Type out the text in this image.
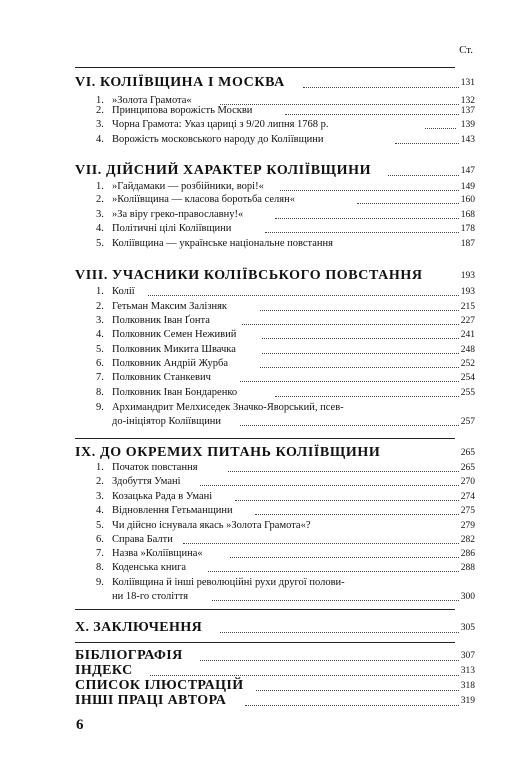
Ст.
VI. КОЛІЇВЩИНА І МОСКВА	131
1. »Золота Грамота«	132
2. Принципова ворожість Москви	137
3. Чорна Грамота: Указ цариці з 9/20 липня 1768 р.	139
4. Ворожість московського народу до Коліївщини	143
VII. ДІЙСНИЙ ХАРАКТЕР КОЛІЇВЩИНИ	147
1. »Гайдамаки — розбійники, ворі!«	149
2. »Коліївщина — класова боротьба селян«	160
3. »За віру греко-православну!«	168
4. Політичні цілі Коліївщини	178
5. Коліївщина — українське національне повстання	187
VIII. УЧАСНИКИ КОЛІЇВСЬКОГО ПОВСТАННЯ	193
1. Колії	193
2. Гетьман Максим Залізняк	215
3. Полковник Іван Ґонта	227
4. Полковник Семен Неживий	241
5. Полковник Микита Швачка	248
6. Полковник Андрій Журба	252
7. Полковник Станкевич	254
8. Полковник Іван Бондаренко	255
9. Архимандрит Мелхиседек Значко-Яворський, псев-
до-ініціятор Коліївщини	257
IX. ДО ОКРЕМИХ ПИТАНЬ КОЛІЇВЩИНИ	265
1. Початок повстання	265
2. Здобуття Умані	270
3. Козацька Рада в Умані	274
4. Відновлення Гетьманщини	275
5. Чи дійсно існувала якась »Золота Грамота«?	279
6. Справа Балти	282
7. Назва »Коліївщина«	286
8. Коденська книга	288
9. Коліївщина й інші революційні рухи другої полови-
ни 18-го століття	300
X. ЗАКЛЮЧЕННЯ	305
БІБЛІОГРАФІЯ	307
ІНДЕКС	313
СПИСОК ІЛЮСТРАЦІЙ	318
ІНШІ ПРАЦІ АВТОРА	319
6
